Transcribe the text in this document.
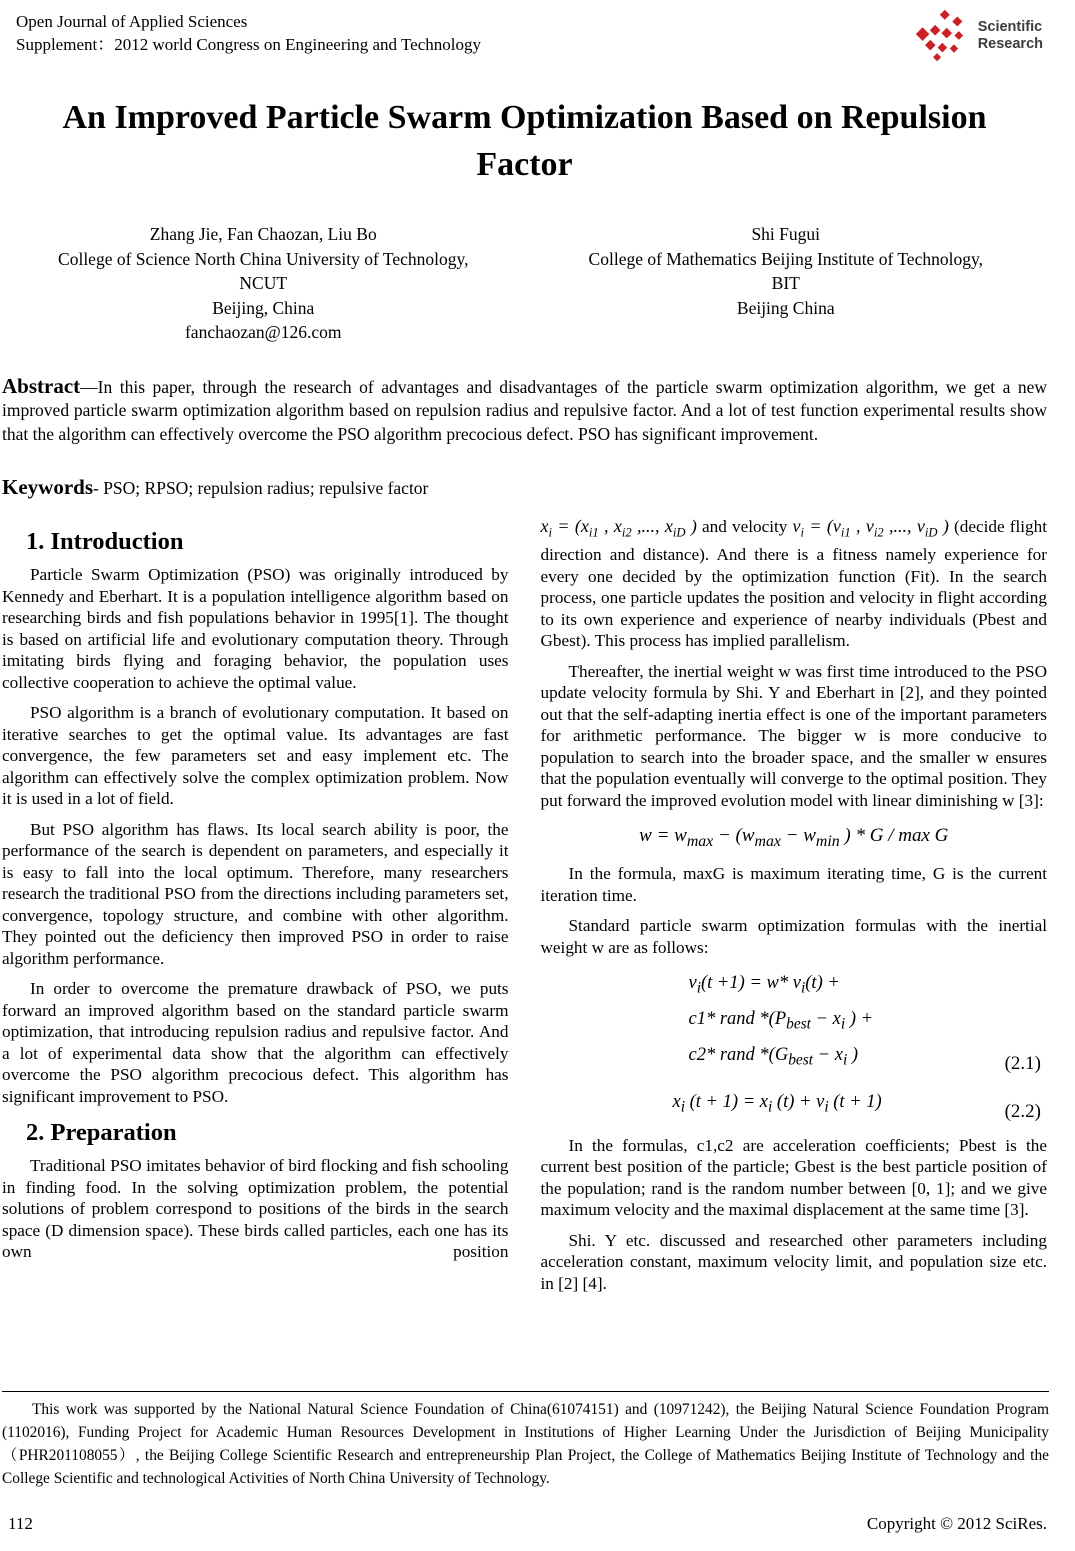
Open Journal of Applied Sciences
Supplement：2012 world Congress on Engineering and Technology
Scientific
Research
An Improved Particle Swarm Optimization Based on Repulsion Factor
Zhang Jie, Fan Chaozan, Liu Bo
College of Science North China University of Technology,
NCUT
Beijing, China
fanchaozan@126.com
Shi Fugui
College of Mathematics Beijing Institute of Technology,
BIT
Beijing China
Abstract—In this paper, through the research of advantages and disadvantages of the particle swarm optimization algorithm, we get a new improved particle swarm optimization algorithm based on repulsion radius and repulsive factor. And a lot of test function experimental results show that the algorithm can effectively overcome the PSO algorithm precocious defect. PSO has significant improvement.
Keywords- PSO; RPSO; repulsion radius; repulsive factor
1. Introduction

Particle Swarm Optimization (PSO) was originally introduced by Kennedy and Eberhart. It is a population intelligence algorithm based on researching birds and fish populations behavior in 1995[1]. The thought is based on artificial life and evolutionary computation theory. Through imitating birds flying and foraging behavior, the population uses collective cooperation to achieve the optimal value.

PSO algorithm is a branch of evolutionary computation. It based on iterative searches to get the optimal value. Its advantages are fast convergence, the few parameters set and easy implement etc. The algorithm can effectively solve the complex optimization problem. Now it is used in a lot of field.

But PSO algorithm has flaws. Its local search ability is poor, the performance of the search is dependent on parameters, and especially it is easy to fall into the local optimum. Therefore, many researchers research the traditional PSO from the directions including parameters set, convergence, topology structure, and combine with other algorithm. They pointed out the deficiency then improved PSO in order to raise algorithm performance.

In order to overcome the premature drawback of PSO, we puts forward an improved algorithm based on the standard particle swarm optimization, that introducing repulsion radius and repulsive factor. And a lot of experimental data show that the algorithm can effectively overcome the PSO algorithm precocious defect. This algorithm has significant improvement to PSO.

2. Preparation

Traditional PSO imitates behavior of bird flocking and fish schooling in finding food. In the solving optimization problem, the potential solutions of problem correspond to positions of the birds in the search space (D dimension space). These birds called particles, each one has its own position

$x_i = (x_{i1}$ , $x_{i2}$ ,..., $x_{iD}$ ) and velocity $v_i = (v_{i1}$ , $v_{i2}$ ,..., $v_{iD}$ ) (decide flight direction and distance). And there is a fitness namely experience for every one decided by the optimization function (Fit). In the search process, one particle updates the position and velocity in flight according to its own experience and experience of nearby individuals (Pbest and Gbest). This process has implied parallelism.

Thereafter, the inertial weight w was first time introduced to the PSO update velocity formula by Shi. Y and Eberhart in [2], and they pointed out that the self-adapting inertia effect is one of the important parameters for arithmetic performance. The bigger w is more conducive to population to search into the broader space, and the smaller w ensures that the population eventually will converge to the optimal position. They put forward the improved evolution model with linear diminishing w [3]:

$w = w_{max} - (w_{max} - w_{min}$ ) * G / max G

In the formula, maxG is maximum iterating time, G is the current iteration time.

Standard particle swarm optimization formulas with the inertial weight w are as follows:

$v_i(t +1) = w*$ $v_i(t)$ +
c1* rand $*(P_{best} - x_i$ ) +
c2* rand $*(G_{best} - x_i$ )	(2.1)
$x_i$ $(t + 1) = x_i$ $(t) + v_i$ (t + 1)	(2.2)

In the formulas, c1,c2 are acceleration coefficients; Pbest is the current best position of the particle; Gbest is the best particle position of the population; rand is the random number between [0, 1]; and we give maximum velocity and the maximal displacement at the same time [3].

Shi. Y etc. discussed and researched other parameters including acceleration constant, maximum velocity limit, and population size etc. in [2] [4].

This work was supported by the National Natural Science Foundation of China(61074151) and (10971242), the Beijing Natural Science Foundation Program (1102016), Funding Project for Academic Human Resources Development in Institutions of Higher Learning Under the Jurisdiction of Beijing Municipality （PHR201108055）, the Beijing College Scientific Research and entrepreneurship Plan Project, the College of Mathematics Beijing Institute of Technology and the College Scientific and technological Activities of North China University of Technology.
112	Copyright © 2012 SciRes.
